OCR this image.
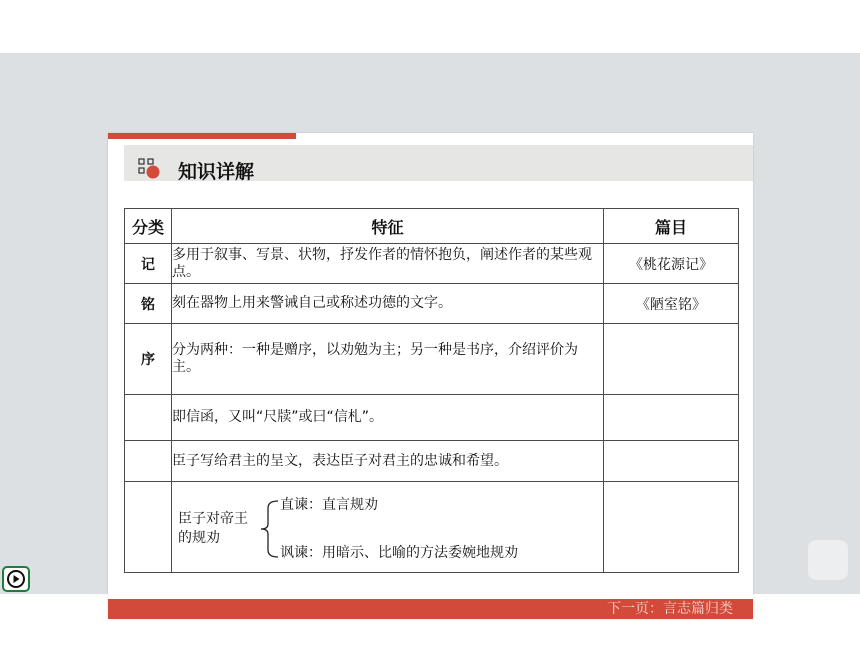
知识详解
分类	特征	篇目
记	多用于叙事、写景、状物，抒发作者的情怀抱负，阐述作者的某些观点。	《桃花源记》
铭	刻在器物上用来警诫自己或称述功德的文字。	《陋室铭》
序	分为两种：一种是赠序，以劝勉为主；另一种是书序，介绍评价为主。	
	即信函，又叫“尺牍”或曰“信札”。	
	臣子写给君主的呈文，表达臣子对君主的忠诚和希望。	

	臣子对帝王
的规劝
直谏：直言规劝
讽谏：用暗示、比喻的方法委婉地规劝	

下一页：言志篇归类
